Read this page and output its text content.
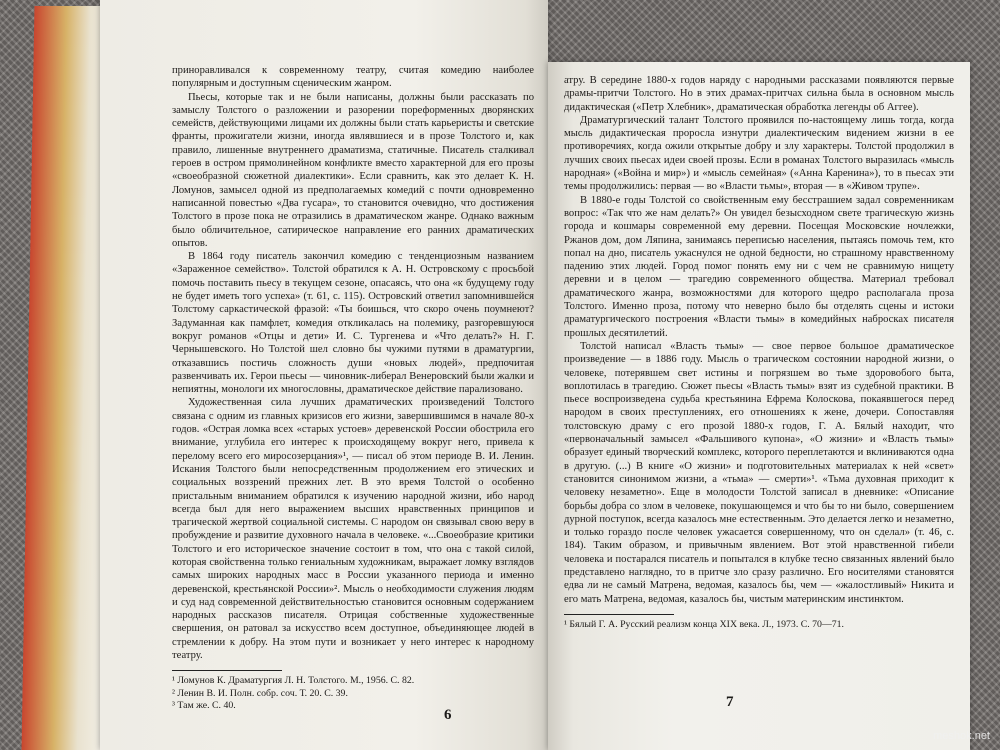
приноравливался к современному театру, считая комедию наиболее популярным и доступным сценическим жанром.

Пьесы, которые так и не были написаны, должны были рассказать по замыслу Толстого о разложении и разорении пореформенных дворянских семейств, действующими лицами их должны были стать карьеристы и светские франты, прожигатели жизни, иногда являвшиеся и в прозе Толстого и, как правило, лишенные внутреннего драматизма, статичные. Писатель сталкивал героев в остром прямолинейном конфликте вместо характерной для его прозы «своеобразной сюжетной диалектики». Если сравнить, как это делает К. Н. Ломунов, замысел одной из предполагаемых комедий с почти одновременно написанной повестью «Два гусара», то становится очевидно, что достижения Толстого в прозе пока не отразились в драматическом жанре. Однако важным было обличительное, сатирическое направление его ранних драматических опытов.

В 1864 году писатель закончил комедию с тенденциозным названием «Зараженное семейство». Толстой обратился к А. Н. Островскому с просьбой помочь поставить пьесу в текущем сезоне, опасаясь, что она «к будущему году не будет иметь того успеха» (т. 61, с. 115). Островский ответил запомнившейся Толстому саркастической фразой: «Ты боишься, что скоро очень поумнеют? Задуманная как памфлет, комедия откликалась на полемику, разгоревшуюся вокруг романов «Отцы и дети» И. С. Тургенева и «Что делать?» Н. Г. Чернышевского. Но Толстой шел словно бы чужими путями в драматургии, отказавшись постичь сложность души «новых людей», предпочитая развенчивать их. Герои пьесы — чиновник-либерал Венеровский были жалки и непиятны, монологи их многословны, драматическое действие парализовано.

Художественная сила лучших драматических произведений Толстого связана с одним из главных кризисов его жизни, завершившимся в начале 80-х годов. «Острая ломка всех «старых устоев» деревенской России обострила его внимание, углубила его интерес к происходящему вокруг него, привела к перелому всего его миросозерцания»¹, — писал об этом периоде В. И. Ленин. Искания Толстого были непосредственным продолжением его этических и социальных воззрений прежних лет. В это время Толстой о особенно пристальным вниманием обратился к изучению народной жизни, ибо народ всегда был для него выражением высших нравственных принципов и трагической жертвой социальной системы. С народом он связывал свою веру в пробуждение и развитие духовного начала в человеке. «...Своеобразие критики Толстого и его историческое значение состоит в том, что она с такой силой, которая свойственна только гениальным художникам, выражает ломку взглядов самых широких народных масс в России указанного периода и именно деревенской, крестьянской России»². Мысль о необходимости служения людям и суд над современной действительностью становится основным содержанием народных рассказов писателя. Отрицая собственные художественные свершения, он ратовал за искусство всем доступное, объединяющее людей в стремлении к добру. На этом пути и возникает у него интерес к народному театру.

¹ Ломунов К. Драматургия Л. Н. Толстого. М., 1956. С. 82.

² Ленин В. И. Полн. собр. соч. Т. 20. С. 39.

³ Там же. С. 40.

6

атру. В середине 1880-х годов наряду с народными рассказами появляются первые драмы-притчи Толстого. Но в этих драмах-притчах сильна была в основном мысль дидактическая («Петр Хлебник», драматическая обработка легенды об Аггее).

Драматургический талант Толстого проявился по-настоящему лишь тогда, когда мысль дидактическая проросла изнутри диалектическим видением жизни в ее противоречиях, когда ожили открытые добру и злу характеры. Толстой продолжил в лучших своих пьесах идеи своей прозы. Если в романах Толстого выразилась «мысль народная» («Война и мир») и «мысль семейная» («Анна Каренина»), то в пьесах эти темы продолжились: первая — во «Власти тьмы», вторая — в «Живом трупе».

В 1880-е годы Толстой со свойственным ему бесстрашием задал современникам вопрос: «Так что же нам делать?» Он увидел безысходном свете трагическую жизнь города и кошмары современной ему деревни. Посещая Московские ночлежки, Ржанов дом, дом Ляпина, занимаясь переписью населения, пытаясь помочь тем, кто попал на дно, писатель ужаснулся не одной бедности, но страшному нравственному падению этих людей. Город помог понять ему ни с чем не сравнимую нищету деревни и в целом — трагедию современного общества. Материал требовал драматического жанра, возможностями для которого щедро располагала проза Толстого. Именно проза, потому что неверно было бы отделять сцены и истоки драматургического построения «Власти тьмы» в комедийных набросках писателя прошлых десятилетий.

Толстой написал «Власть тьмы» — свое первое большое драматическое произведение — в 1886 году. Мысль о трагическом состоянии народной жизни, о человеке, потерявшем свет истины и погрязшем во тьме здоровобого быта, воплотилась в трагедию. Сюжет пьесы «Власть тьмы» взят из судебной практики. В пьесе воспроизведена судьба крестьянина Ефрема Колоскова, покаявшегося перед народом в своих преступлениях, его отношениях к жене, дочери. Сопоставляя толстовскую драму с его прозой 1880-х годов, Г. А. Бялый находит, что «первоначальный замысел «Фальшивого купона», «О жизни» и «Власть тьмы» образует единый творческий комплекс, которого переплетаются и вклиниваются одна в другую. (...) В книге «О жизни» и подготовительных материалах к ней «свет» становится синонимом жизни, а «тьма» — смерти»¹. «Тьма духовная приходит к человеку незаметно». Еще в молодости Толстой записал в дневнике: «Описание борьбы добра со злом в человеке, покушающемся и что бы то ни было, совершением дурной поступок, всегда казалось мне естественным. Это делается легко и незаметно, и только гораздо после человек ужасается совершенному, что он сделал» (т. 46, с. 184). Таким образом, и привычным явлением. Вот этой нравственной гибели человека и постарался писатель и попытался в клубке тесно связанных явлений было представлено наглядно, то в притче зло сразу различно. Его носителями становятся едва ли не самый Матрена, ведомая, казалось бы, чем — «жалостливый» Никита и его мать Матрена, ведомая, казалось бы, чистым материнским инстинктом.

¹ Бялый Г. А. Русский реализм конца XIX века. Л., 1973. С. 70—71.

7
meshok.net
